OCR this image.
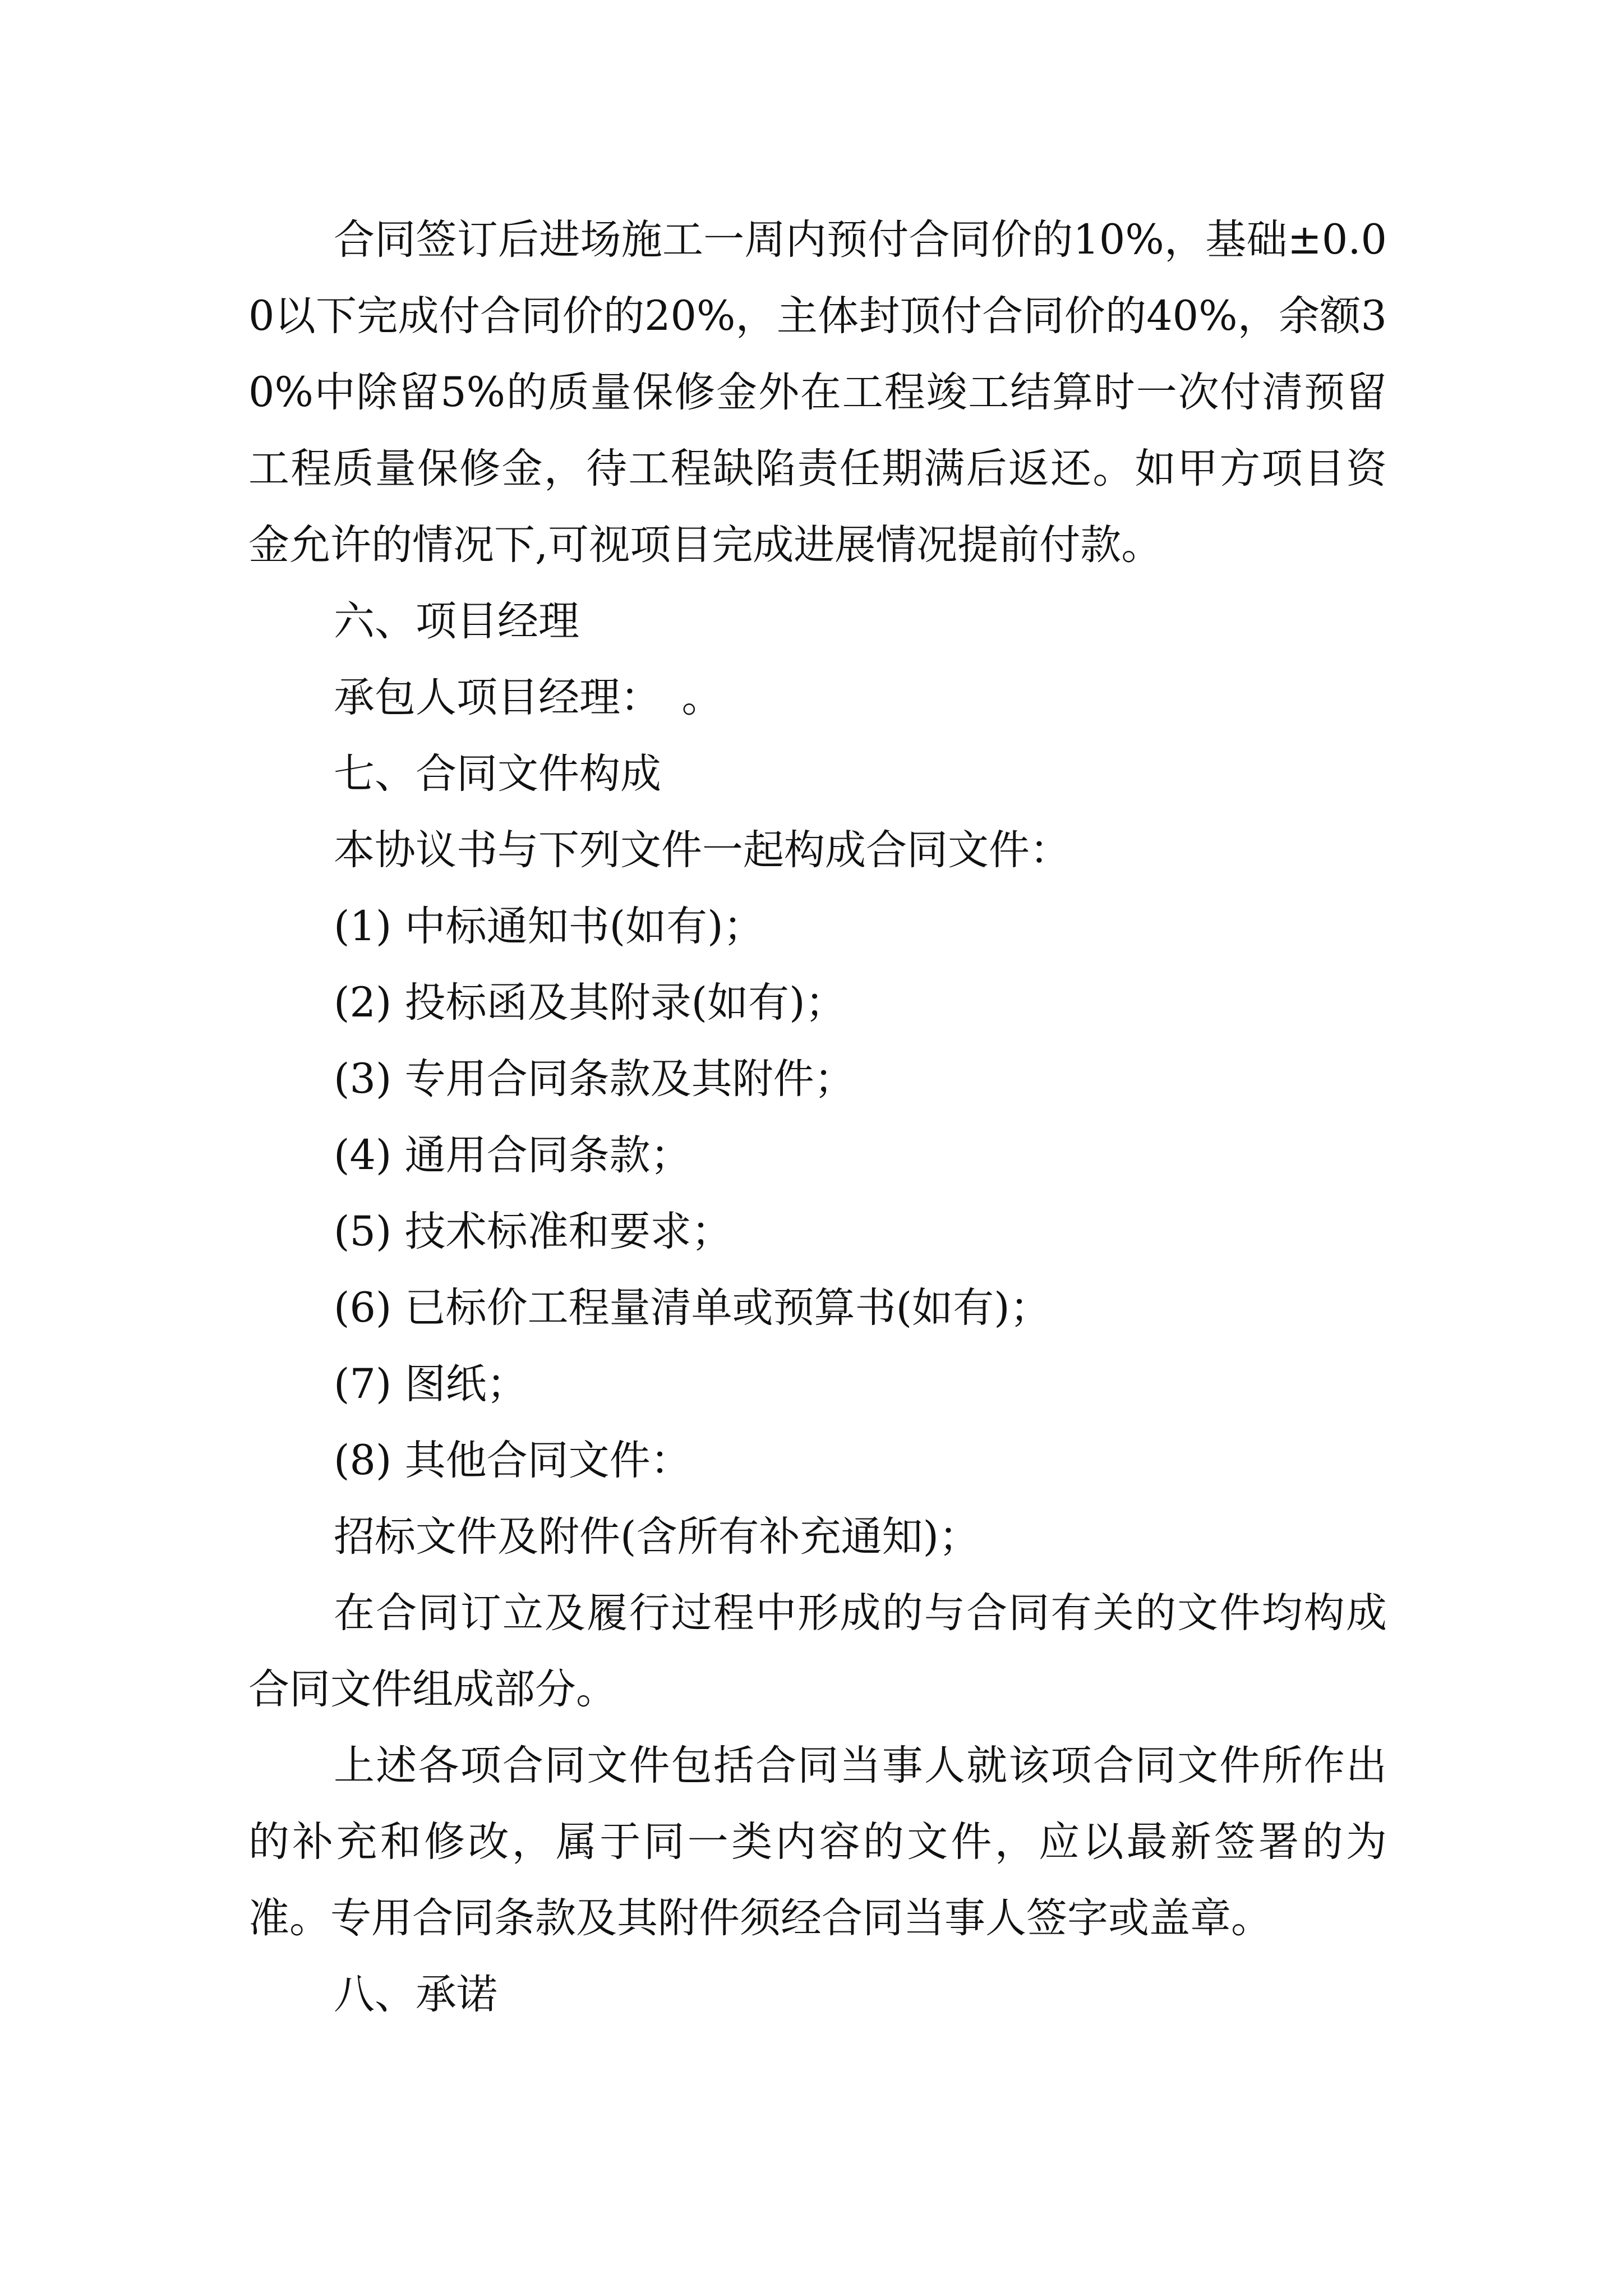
合同签订后进场施工一周内预付合同价的10%，基础±0.00以下完成付合同价的20%，主体封顶付合同价的40%，余额30%中除留5%的质量保修金外在工程竣工结算时一次付清预留工程质量保修金，待工程缺陷责任期满后返还。如甲方项目资金允许的情况下,可视项目完成进展情况提前付款。

六、项目经理

承包人项目经理：　。

七、合同文件构成

本协议书与下列文件一起构成合同文件：

(1) 中标通知书(如有)；

(2) 投标函及其附录(如有)；

(3) 专用合同条款及其附件；

(4) 通用合同条款；

(5) 技术标准和要求；

(6) 已标价工程量清单或预算书(如有)；

(7) 图纸；

(8) 其他合同文件：

招标文件及附件(含所有补充通知)；

在合同订立及履行过程中形成的与合同有关的文件均构成合同文件组成部分。

上述各项合同文件包括合同当事人就该项合同文件所作出的补充和修改，属于同一类内容的文件，应以最新签署的为准。专用合同条款及其附件须经合同当事人签字或盖章。

八、承诺
